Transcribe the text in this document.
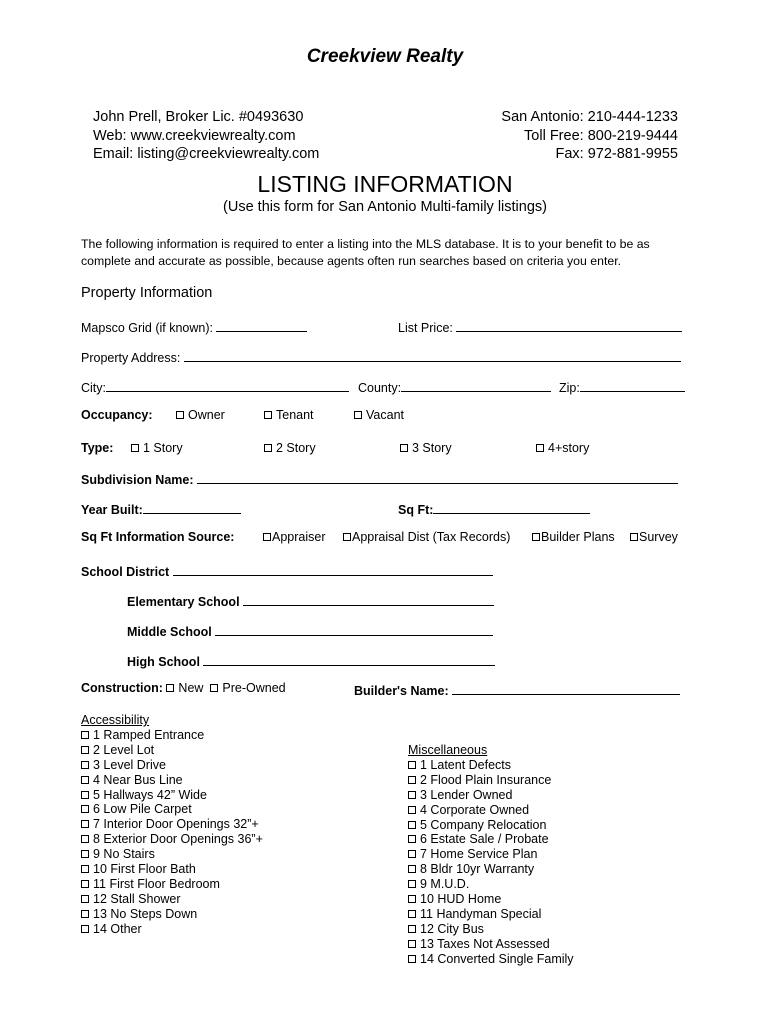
Creekview Realty
John Prell, Broker Lic. #0493630
Web: www.creekviewrealty.com
Email: listing@creekviewrealty.com
San Antonio: 210-444-1233
Toll Free: 800-219-9444
Fax: 972-881-9955
LISTING INFORMATION
(Use this form for San Antonio Multi-family listings)
The following information is required to enter a listing into the MLS database. It is to your benefit to be as complete and accurate as possible, because agents often run searches based on criteria you enter.
Property Information
Mapsco Grid (if known):	List Price:
Property Address:
City:	County:	Zip:
Occupancy:	Owner	Tenant	Vacant
Type:	1 Story	2 Story	3 Story	4+story
Subdivision Name:
Year Built:	Sq Ft:
Sq Ft Information Source:	Appraiser	Appraisal Dist (Tax Records)	Builder Plans	Survey
School District
Elementary School
Middle School
High School
Construction: New Pre-Owned	Builder's Name:
Accessibility
1 Ramped Entrance
2 Level Lot
3 Level Drive
4 Near Bus Line
5 Hallways 42” Wide
6 Low Pile Carpet
7 Interior Door Openings 32”+
8 Exterior Door Openings 36”+
9 No Stairs
10 First Floor Bath
11 First Floor Bedroom
12 Stall Shower
13 No Steps Down
14 Other
Miscellaneous
1 Latent Defects
2 Flood Plain Insurance
3 Lender Owned
4 Corporate Owned
5 Company Relocation
6 Estate Sale / Probate
7 Home Service Plan
8 Bldr 10yr Warranty
9 M.U.D.
10 HUD Home
11 Handyman Special
12 City Bus
13 Taxes Not Assessed
14 Converted Single Family
